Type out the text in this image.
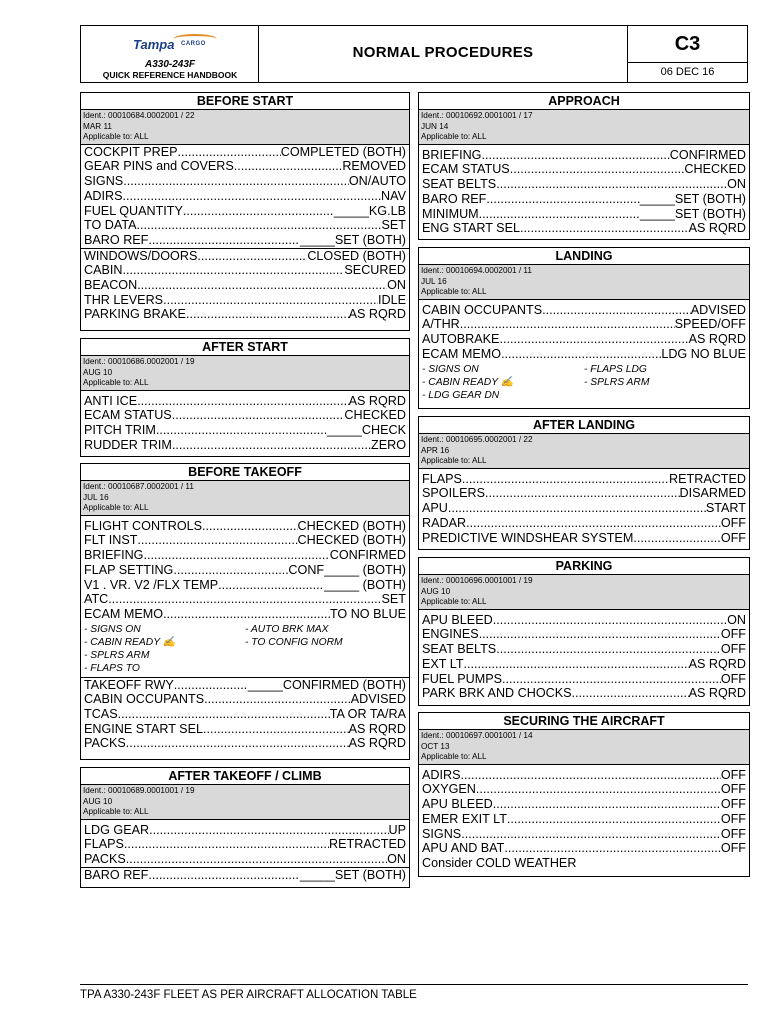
Tampa CARGO
A330-243F
QUICK REFERENCE HANDBOOK
NORMAL PROCEDURES	C3
06 DEC 16
BEFORE START
Ident.: 00010684.0002001 / 22
MAR 11
Applicable to: ALL
COCKPIT PREP .....	COMPLETED (BOTH)
GEAR PINS and COVERS .....	REMOVED
SIGNS .....	ON/AUTO
ADIRS .....	NAV
FUEL QUANTITY .....	_____KG.LB
TO DATA .....	SET
BARO REF .....	_____SET (BOTH)
WINDOWS/DOORS .....	CLOSED (BOTH)
CABIN .....	SECURED
BEACON .....	ON
THR LEVERS .....	IDLE
PARKING BRAKE .....	AS RQRD
AFTER START
Ident.: 00010686.0002001 / 19
AUG 10
Applicable to: ALL
ANTI ICE .....	AS RQRD
ECAM STATUS .....	CHECKED
PITCH TRIM .....	_____CHECK
RUDDER TRIM .....	ZERO
BEFORE TAKEOFF
Ident.: 00010687.0002001 / 11
JUL 16
Applicable to: ALL
FLIGHT CONTROLS .....	CHECKED (BOTH)
FLT INST .....	CHECKED (BOTH)
BRIEFING .....	CONFIRMED
FLAP SETTING .....	CONF_____ (BOTH)
V1 . VR. V2 /FLX TEMP .....	_____ (BOTH)
ATC .....	SET
ECAM MEMO .....	TO NO BLUE
- SIGNS ON	- AUTO BRK MAX
- CABIN READY ✍	- TO CONFIG NORM
- SPLRS ARM
- FLAPS TO
TAKEOFF RWY .....	_____CONFIRMED (BOTH)
CABIN OCCUPANTS .....	ADVISED
TCAS .....	TA OR TA/RA
ENGINE START SEL .....	AS RQRD
PACKS .....	AS RQRD
AFTER TAKEOFF / CLIMB
Ident.: 00010689.0001001 / 19
AUG 10
Applicable to: ALL
LDG GEAR .....	UP
FLAPS .....	RETRACTED
PACKS .....	ON
BARO REF .....	_____SET (BOTH)
APPROACH
Ident.: 00010692.0001001 / 17
JUN 14
Applicable to: ALL
BRIEFING .....	CONFIRMED
ECAM STATUS .....	CHECKED
SEAT BELTS .....	ON
BARO REF .....	_____SET (BOTH)
MINIMUM .....	_____SET (BOTH)
ENG START SEL .....	AS RQRD
LANDING
Ident.: 00010694.0002001 / 11
JUL 16
Applicable to: ALL
CABIN OCCUPANTS .....	ADVISED
A/THR .....	SPEED/OFF
AUTOBRAKE .....	AS RQRD
ECAM MEMO .....	LDG NO BLUE
- SIGNS ON	- FLAPS LDG
- CABIN READY ✍	- SPLRS ARM
- LDG GEAR DN
AFTER LANDING
Ident.: 00010695.0002001 / 22
APR 16
Applicable to: ALL
FLAPS .....	RETRACTED
SPOILERS .....	DISARMED
APU .....	START
RADAR .....	OFF
PREDICTIVE WINDSHEAR SYSTEM .....	OFF
PARKING
Ident.: 00010696.0001001 / 19
AUG 10
Applicable to: ALL
APU BLEED .....	ON
ENGINES .....	OFF
SEAT BELTS .....	OFF
EXT LT .....	AS RQRD
FUEL PUMPS .....	OFF
PARK BRK AND CHOCKS .....	AS RQRD
SECURING THE AIRCRAFT
Ident.: 00010697.0001001 / 14
OCT 13
Applicable to: ALL
ADIRS .....	OFF
OXYGEN .....	OFF
APU BLEED .....	OFF
EMER EXIT LT .....	OFF
SIGNS .....	OFF
APU AND BAT .....	OFF
Consider COLD WEATHER
TPA A330-243F FLEET AS PER AIRCRAFT ALLOCATION TABLE
